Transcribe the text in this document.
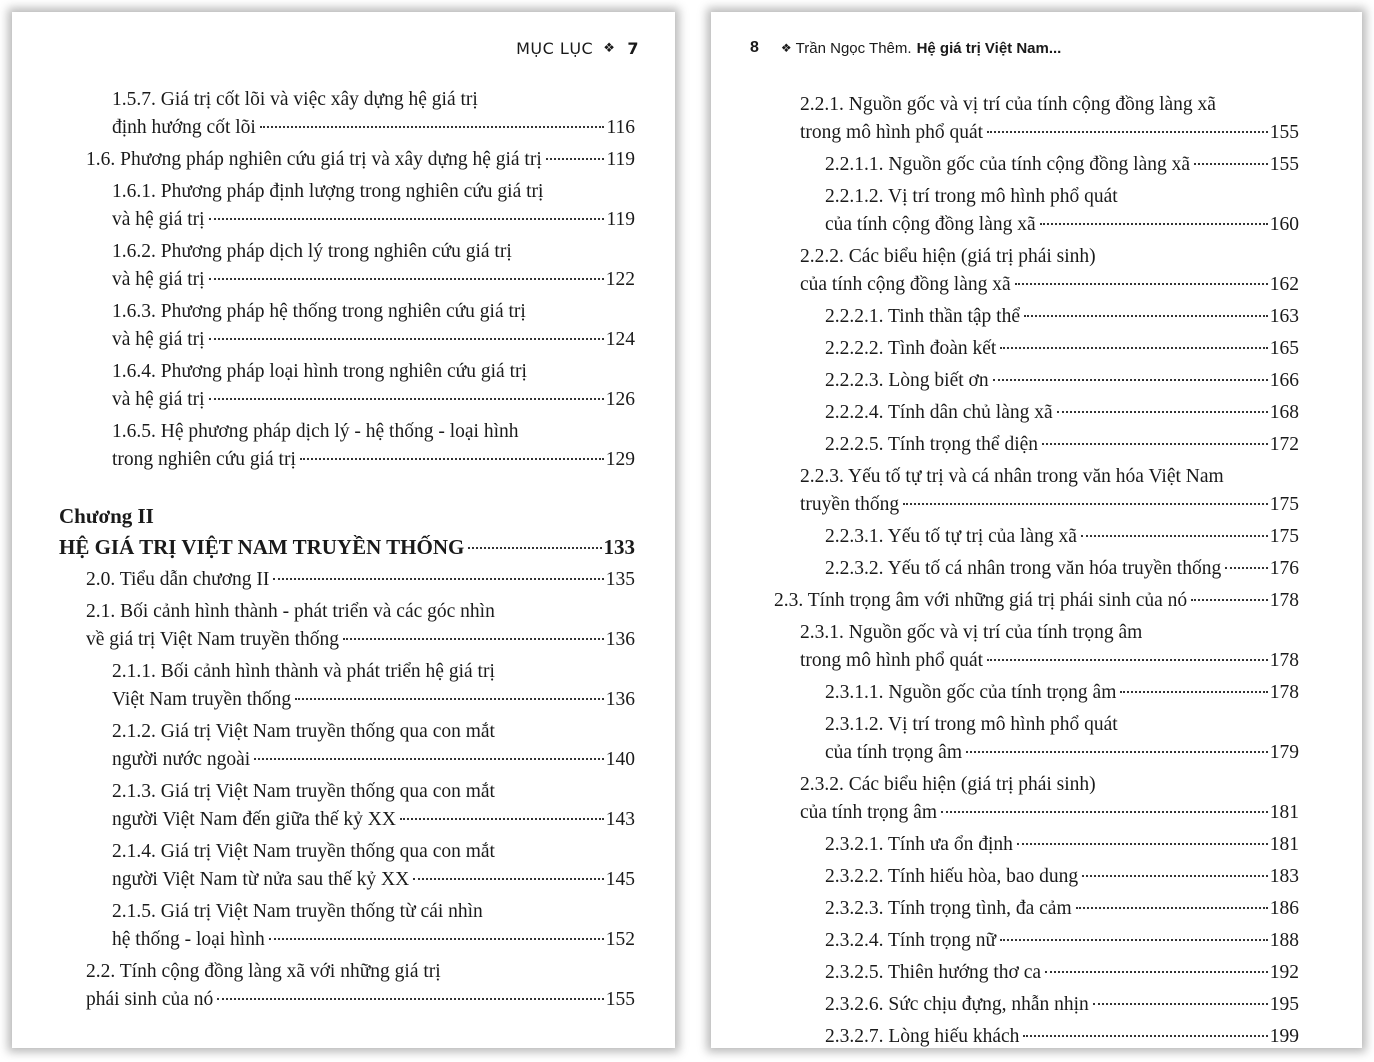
MỤC LỤC ❖ 7
1.5.7. Giá trị cốt lõi và việc xây dựng hệ giá trị
định hướng cốt lõi	116
1.6. Phương pháp nghiên cứu giá trị và xây dựng hệ giá trị	119
1.6.1. Phương pháp định lượng trong nghiên cứu giá trị
và hệ giá trị	119
1.6.2. Phương pháp dịch lý trong nghiên cứu giá trị
và hệ giá trị	122
1.6.3. Phương pháp hệ thống trong nghiên cứu giá trị
và hệ giá trị	124
1.6.4. Phương pháp loại hình trong nghiên cứu giá trị
và hệ giá trị	126
1.6.5. Hệ phương pháp dịch lý - hệ thống - loại hình
trong nghiên cứu giá trị	129
Chương II
HỆ GIÁ TRỊ VIỆT NAM TRUYỀN THỐNG	133
2.0. Tiểu dẫn chương II	135
2.1. Bối cảnh hình thành - phát triển và các góc nhìn
về giá trị Việt Nam truyền thống	136
2.1.1. Bối cảnh hình thành và phát triển hệ giá trị
Việt Nam truyền thống	136
2.1.2. Giá trị Việt Nam truyền thống qua con mắt
người nước ngoài	140
2.1.3. Giá trị Việt Nam truyền thống qua con mắt
người Việt Nam đến giữa thế kỷ XX	143
2.1.4. Giá trị Việt Nam truyền thống qua con mắt
người Việt Nam từ nửa sau thế kỷ XX	145
2.1.5. Giá trị Việt Nam truyền thống từ cái nhìn
hệ thống - loại hình	152
2.2. Tính cộng đồng làng xã với những giá trị
phái sinh của nó	155
8 ❖ Trần Ngọc Thêm. Hệ giá trị Việt Nam...
2.2.1. Nguồn gốc và vị trí của tính cộng đồng làng xã
trong mô hình phổ quát	155
2.2.1.1. Nguồn gốc của tính cộng đồng làng xã	155
2.2.1.2. Vị trí trong mô hình phổ quát
của tính cộng đồng làng xã	160
2.2.2. Các biểu hiện (giá trị phái sinh)
của tính cộng đồng làng xã	162
2.2.2.1. Tinh thần tập thể	163
2.2.2.2. Tình đoàn kết	165
2.2.2.3. Lòng biết ơn	166
2.2.2.4. Tính dân chủ làng xã	168
2.2.2.5. Tính trọng thể diện	172
2.2.3. Yếu tố tự trị và cá nhân trong văn hóa Việt Nam
truyền thống	175
2.2.3.1. Yếu tố tự trị của làng xã	175
2.2.3.2. Yếu tố cá nhân trong văn hóa truyền thống 176
2.3. Tính trọng âm với những giá trị phái sinh của nó	178
2.3.1. Nguồn gốc và vị trí của tính trọng âm
trong mô hình phổ quát	178
2.3.1.1. Nguồn gốc của tính trọng âm	178
2.3.1.2. Vị trí trong mô hình phổ quát
của tính trọng âm	179
2.3.2. Các biểu hiện (giá trị phái sinh)
của tính trọng âm	181
2.3.2.1. Tính ưa ổn định	181
2.3.2.2. Tính hiếu hòa, bao dung	183
2.3.2.3. Tính trọng tình, đa cảm	186
2.3.2.4. Tính trọng nữ	188
2.3.2.5. Thiên hướng thơ ca	192
2.3.2.6. Sức chịu đựng, nhẫn nhịn	195
2.3.2.7. Lòng hiếu khách	199
